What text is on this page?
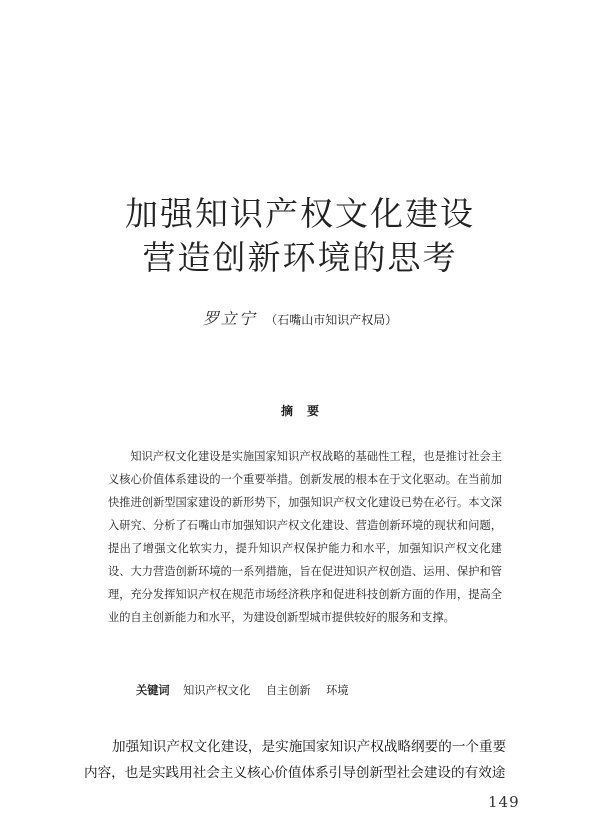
加强知识产权文化建设
营造创新环境的思考
罗立宁 （石嘴山市知识产权局）
摘要

知识产权文化建设是实施国家知识产权战略的基础性工程，也是推讨社会主义核心价值体系建设的一个重要举措。创新发展的根本在于文化驱动。在当前加快推进创新型国家建设的新形势下，加强知识产权文化建设已势在必行。本文深入研究、分析了石嘴山市加强知识产权文化建设、营造创新环境的现状和问题，提出了增强文化软实力，提升知识产权保护能力和水平，加强知识产权文化建设、大力营造创新环境的一系列措施，旨在促进知识产权创造、运用、保护和管理，充分发挥知识产权在规范市场经济秩序和促进科技创新方面的作用，提高全业的自主创新能力和水平，为建设创新型城市提供较好的服务和支撑。

关键词 知识产权文化 自主创新 环境

加强知识产权文化建设，是实施国家知识产权战略纲要的一个重要

内容，也是实践用社会主义核心价值体系引导创新型社会建设的有效途

149
